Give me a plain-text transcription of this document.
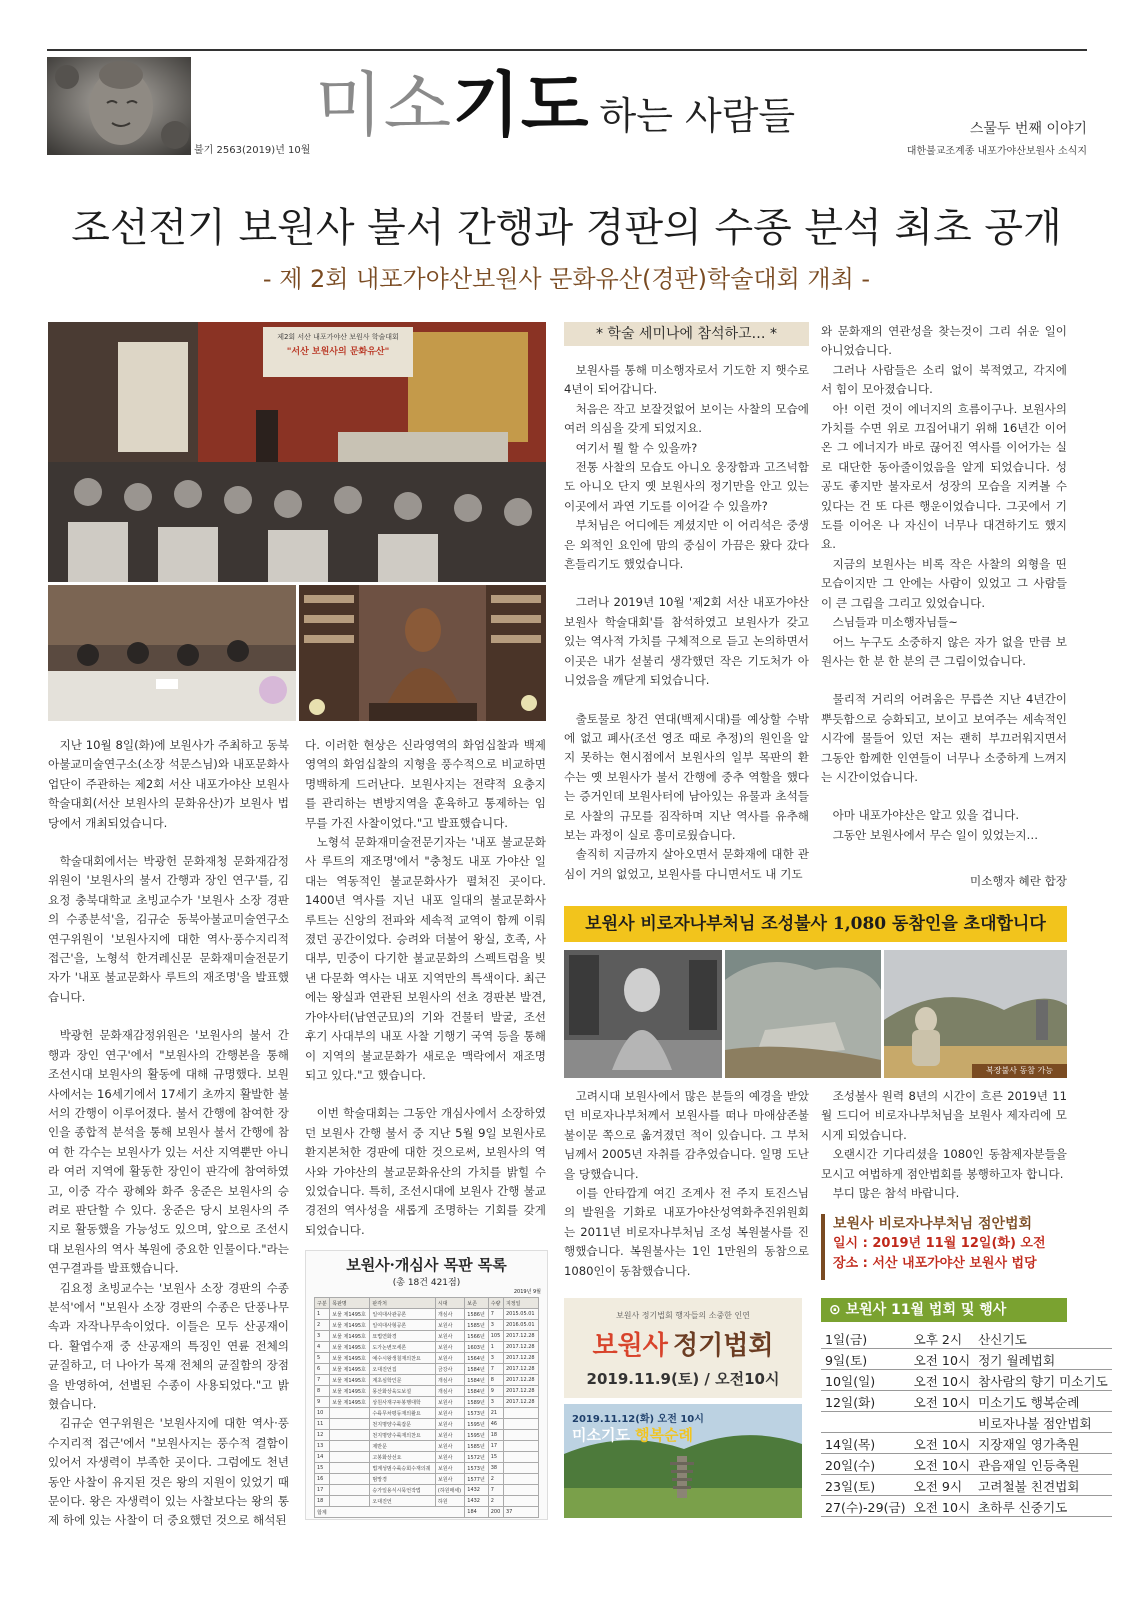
불기 2563(2019)년 10월
미소기도 하는 사람들	스물두 번째 이야기
대한불교조계종 내포가야산보원사 소식지
조선전기 보원사 불서 간행과 경판의 수종 분석 최초 공개
- 제 2회 내포가야산보원사 문화유산(경판)학술대회 개최 -
제2회 서산 내포가야산 보원사 학술대회
"서산 보원사의 문화유산"

지난 10월 8일(화)에 보원사가 주최하고 동북아불교미술연구소(소장 석문스님)와 내포문화사업단이 주관하는 제2회 서산 내포가야산 보원사 학술대회(서산 보원사의 문화유산)가 보원사 법당에서 개최되었습니다.

학술대회에서는 박광헌 문화재청 문화재감정위원이 '보원사의 불서 간행과 장인 연구'를, 김요정 충북대학교 초빙교수가 '보원사 소장 경판의 수종분석'을, 김규순 동북아불교미술연구소 연구위원이 '보원사지에 대한 역사·풍수지리적 접근'을, 노형석 한겨레신문 문화재미술전문기자가 '내포 불교문화사 루트의 재조명'을 발표했습니다.

박광헌 문화재감정위원은 '보원사의 불서 간행과 장인 연구'에서 "보원사의 간행본을 통해 조선시대 보원사의 활동에 대해 규명했다. 보원사에서는 16세기에서 17세기 초까지 활발한 불서의 간행이 이루어졌다. 불서 간행에 참여한 장인을 종합적 분석을 통해 보원사 불서 간행에 참여 한 각수는 보원사가 있는 서산 지역뿐만 아니라 여러 지역에 활동한 장인이 판각에 참여하였고, 이중 각수 광혜와 화주 웅준은 보원사의 승려로 판단할 수 있다. 웅준은 당시 보원사의 주지로 활동했을 가능성도 있으며, 앞으로 조선시대 보원사의 역사 복원에 중요한 인물이다."라는 연구결과를 발표했습니다.

김요정 초빙교수는 '보원사 소장 경판의 수종분석'에서 "보원사 소장 경판의 수종은 단풍나무속과 자작나무속이었다. 이들은 모두 산공재이다. 활엽수재 중 산공재의 특징인 연륜 전체의 균질하고, 더 나아가 목재 전체의 균질함의 장점을 반영하여, 선별된 수종이 사용되었다."고 밝혔습니다.

김규순 연구위원은 '보원사지에 대한 역사·풍수지리적 접근'에서 "보원사지는 풍수적 결함이 있어서 자생력이 부족한 곳이다. 그럼에도 천년 동안 사찰이 유지된 것은 왕의 지원이 있었기 때문이다. 왕은 자생력이 있는 사찰보다는 왕의 통제 하에 있는 사찰이 더 중요했던 것으로 해석된

다. 이러한 현상은 신라영역의 화엄십찰과 백제영역의 화엄십찰의 지형을 풍수적으로 비교하면 명백하게 드러난다. 보원사지는 전략적 요충지를 관리하는 변방지역을 훈육하고 통제하는 임무를 가진 사찰이었다."고 발표했습니다.

노형석 문화재미술전문기자는 '내포 불교문화사 루트의 재조명'에서 "충청도 내포 가야산 일대는 역동적인 불교문화사가 펼쳐진 곳이다. 1400년 역사를 지닌 내포 일대의 불교문화사 루트는 신앙의 전파와 세속적 교역이 함께 이뤄졌던 공간이었다. 승려와 더불어 왕실, 호족, 사대부, 민중이 다기한 불교문화의 스펙트럼을 빚낸 다문화 역사는 내포 지역만의 특색이다. 최근에는 왕실과 연관된 보원사의 선초 경판본 발견, 가야사터(남연군묘)의 기와 건물터 발굴, 조선 후기 사대부의 내포 사찰 기행기 국역 등을 통해 이 지역의 불교문화가 새로운 맥락에서 재조명되고 있다."고 했습니다.

이번 학술대회는 그동안 개심사에서 소장하였던 보원사 간행 불서 중 지난 5월 9일 보원사로 환지본처한 경판에 대한 것으로써, 보원사의 역사와 가야산의 불교문화유산의 가치를 밝힐 수 있었습니다. 특히, 조선시대에 보원사 간행 불교경전의 역사성을 새롭게 조명하는 기회를 갖게 되었습니다.

보원사·개심사 목판 목록
(총 18건 421점)
2019년 9월
구분	목판명	판각처	시대	보존	수량	지정일
1	보물 제1495호	일여대사관공론	개심사	1586년	7	2015.05.01
2	보물 제1495호	일여대사형공론	보원사	1585년	3	2016.05.01
3	보물 제1495호	묘법연화경	보원사	1566년	105	2017.12.28
4	보물 제1495호	도가논변모세론	보원사	1603년	1	2017.12.28
5	보물 제1495호	예수시왕생칠재의찬요	보원사	1564년	3	2017.12.28
6	보물 제1495호	오대진언집	금강사	1584년	7	2017.12.28
7	보물 제1495호	계초심학인문	개심사	1584년	8	2017.12.28
8	보물 제1495호	몽산화상육도보설	개심사	1584년	9	2017.12.28
9	보물 제1495호	상원사재구두봉행대학	보원사	1589년	3	2017.12.28
10		수륙무차평등재의촬요	보원사	1573년	21	
11		천지명양수륙잡문	보원사	1595년	46	
12		천지명양수륙재의찬요	보원사	1595년	18	
13		제반문	보원사	1585년	17	
14		고봉화상선요	보원사	1572년	15	
15		법계성범수륙승회수재의궤	보원사	1573년	38	
16		범망경	보원사	1577년	2	
17		승가일용식시묵언작법	(하원매세)	1432	7	
18		오대진언	하원	1432	2	
합계				184	200	37
* 학술 세미나에 참석하고… *

보원사를 통해 미소행자로서 기도한 지 햇수로 4년이 되어갑니다.

처음은 작고 보잘것없어 보이는 사찰의 모습에 여러 의심을 갖게 되었지요.

여기서 뭘 할 수 있을까?

전통 사찰의 모습도 아니오 웅장함과 고즈넉함도 아니오 단지 옛 보원사의 정기만을 안고 있는 이곳에서 과연 기도를 이어갈 수 있을까?

부처님은 어디에든 계셨지만 이 어리석은 중생은 외적인 요인에 맘의 중심이 가끔은 왔다 갔다 흔들리기도 했었습니다.

그러나 2019년 10월 '제2회 서산 내포가야산 보원사 학술대회'를 참석하였고 보원사가 갖고 있는 역사적 가치를 구체적으로 듣고 논의하면서 이곳은 내가 섣불리 생각했던 작은 기도처가 아니었음을 깨닫게 되었습니다.

출토물로 창건 연대(백제시대)를 예상할 수밖에 없고 폐사(조선 영조 때로 추정)의 원인을 알지 못하는 현시점에서 보원사의 일부 목판의 환수는 옛 보원사가 불서 간행에 중추 역할을 했다는 증거인데 보원사터에 남아있는 유물과 초석들로 사찰의 규모를 짐작하며 지난 역사를 유추해보는 과정이 실로 흥미로웠습니다.

솔직히 지금까지 살아오면서 문화재에 대한 관심이 거의 없었고, 보원사를 다니면서도 내 기도

와 문화재의 연관성을 찾는것이 그리 쉬운 일이 아니었습니다.

그러나 사람들은 소리 없이 북적였고, 각지에서 힘이 모아졌습니다.

아! 이런 것이 에너지의 흐름이구나. 보원사의 가치를 수면 위로 끄집어내기 위해 16년간 이어온 그 에너지가 바로 끊어진 역사를 이어가는 실로 대단한 동아줄이었음을 알게 되었습니다. 성공도 좋지만 불자로서 성장의 모습을 지켜볼 수 있다는 건 또 다른 행운이었습니다. 그곳에서 기도를 이어온 나 자신이 너무나 대견하기도 했지요.

지금의 보원사는 비록 작은 사찰의 외형을 띤 모습이지만 그 안에는 사람이 있었고 그 사람들이 큰 그림을 그리고 있었습니다.

스님들과 미소행자님들~

어느 누구도 소중하지 않은 자가 없을 만큼 보원사는 한 분 한 분의 큰 그림이었습니다.

물리적 거리의 어려움은 무릅쓴 지난 4년간이 뿌듯함으로 승화되고, 보이고 보여주는 세속적인 시각에 물들어 있던 저는 괜히 부끄러워지면서 그동안 함께한 인연들이 너무나 소중하게 느껴지는 시간이었습니다.

아마 내포가야산은 알고 있을 겁니다.

그동안 보원사에서 무슨 일이 있었는지…

미소행자 혜란 합장
보원사 비로자나부처님 조성불사 1,080 동참인을 초대합니다
복장불사 동참 가능

고려시대 보원사에서 많은 분들의 예경을 받았던 비로자나부처께서 보원사를 떠나 마애삼존불 불이문 쪽으로 옮겨졌던 적이 있습니다. 그 부처님께서 2005년 자취를 감추었습니다. 일명 도난을 당했습니다.

이를 안타깝게 여긴 조계사 전 주지 토진스님의 발원을 기화로 내포가야산성역화추진위원회는 2011년 비로자나부처님 조성 복원불사를 진행했습니다. 복원불사는 1인 1만원의 동참으로 1080인이 동참했습니다.

조성불사 원력 8년의 시간이 흐른 2019년 11월 드디어 비로자나부처님을 보원사 제자리에 모시게 되었습니다.

오랜시간 기다리셨을 1080인 동참제자분들을 모시고 여법하게 점안법회를 봉행하고자 합니다.

부디 많은 참석 바랍니다.

보원사 비로자나부처님 점안법회
일시 : 2019년 11월 12일(화) 오전
장소 : 서산 내포가야산 보원사 법당
보원사 정기법회 행자들의 소중한 인연
보원사 정기법회
2019.11.9(토) / 오전10시
2019.11.12(화) 오전 10시
미소기도 행복순례
⊙ 보원사 11월 법회 및 행사
1일(금)	오후 2시	산신기도
9일(토)	오전 10시	정기 월례법회
10일(일)	오전 10시	참사람의 향기 미소기도
12일(화)	오전 10시	미소기도 행복순례
		비로자나불 점안법회
14일(목)	오전 10시	지장재일 영가축원
20일(수)	오전 10시	관음재일 인등축원
23일(토)	오전 9시	고려철불 친견법회
27(수)-29(금)	오전 10시	초하루 신중기도
